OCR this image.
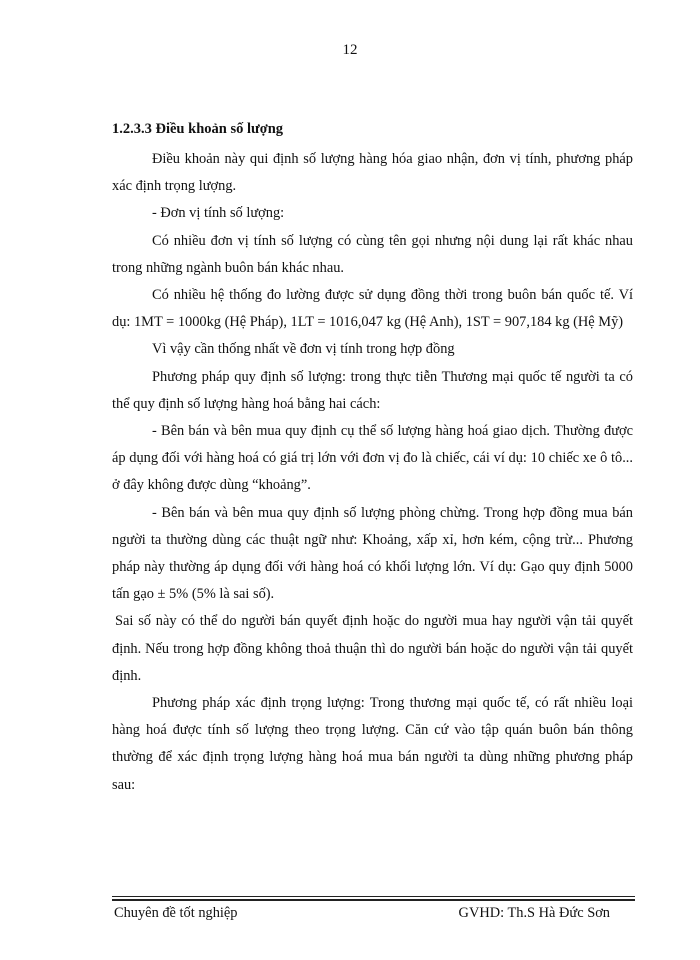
12
1.2.3.3 Điều khoản số lượng

Điều khoản này qui định số lượng hàng hóa giao nhận, đơn vị tính, phương pháp xác định trọng lượng.

- Đơn vị tính số lượng:

Có nhiều đơn vị tính số lượng có cùng tên gọi nhưng nội dung lại rất khác nhau trong những ngành buôn bán khác nhau.

Có nhiều hệ thống đo lường được sử dụng đồng thời trong buôn bán quốc tế. Ví dụ: 1MT = 1000kg (Hệ Pháp), 1LT = 1016,047 kg (Hệ Anh), 1ST = 907,184 kg (Hệ Mỹ)

Vì vậy cần thống nhất về đơn vị tính trong hợp đồng

Phương pháp quy định số lượng: trong thực tiễn Thương mại quốc tế người ta có thể quy định số lượng hàng hoá bằng hai cách:

- Bên bán và bên mua quy định cụ thể số lượng hàng hoá giao dịch. Thường được áp dụng đối với hàng hoá có giá trị lớn với đơn vị đo là chiếc, cái ví dụ: 10 chiếc xe ô tô... ở đây không được dùng “khoảng”.

- Bên bán và bên mua quy định số lượng phòng chừng. Trong hợp đồng mua bán người ta thường dùng các thuật ngữ như: Khoảng, xấp xỉ, hơn kém, cộng trừ... Phương pháp này thường áp dụng đối với hàng hoá có khối lượng lớn. Ví dụ: Gạo quy định 5000 tấn gạo ± 5% (5% là sai số).

Sai số này có thể do người bán quyết định hoặc do người mua hay người vận tải quyết định. Nếu trong hợp đồng không thoả thuận thì do người bán hoặc do người vận tải quyết định.

Phương pháp xác định trọng lượng: Trong thương mại quốc tế, có rất nhiều loại hàng hoá được tính số lượng theo trọng lượng. Căn cứ vào tập quán buôn bán thông thường để xác định trọng lượng hàng hoá mua bán người ta dùng những phương pháp sau:

Chuyên đề tốt nghiệp	GVHD: Th.S Hà Đức Sơn
